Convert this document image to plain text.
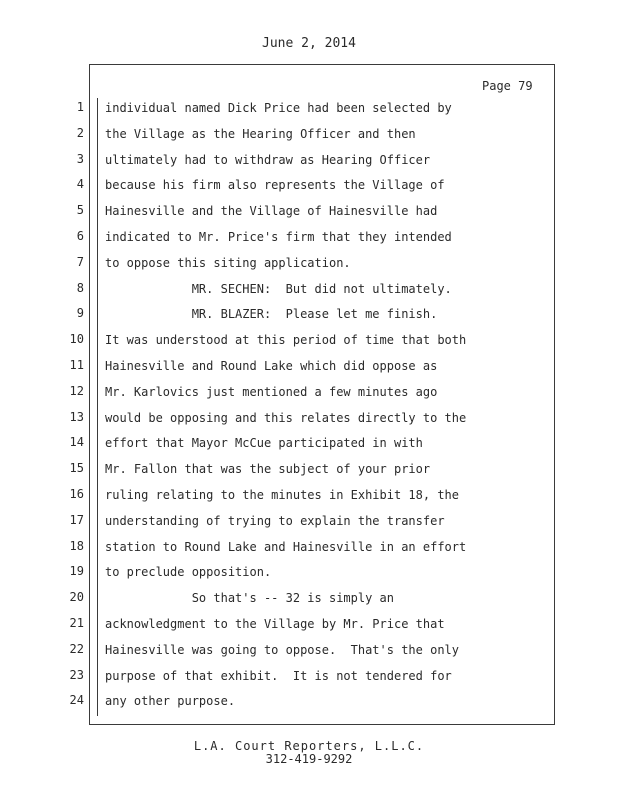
June 2, 2014
Page 79
1
2
3
4
5
6
7
8
9
10
11
12
13
14
15
16
17
18
19
20
21
22
23
24
individual named Dick Price had been selected by
the Village as the Hearing Officer and then
ultimately had to withdraw as Hearing Officer
because his firm also represents the Village of
Hainesville and the Village of Hainesville had
indicated to Mr. Price's firm that they intended
to oppose this siting application.
MR. SECHEN:  But did not ultimately.
MR. BLAZER:  Please let me finish.
It was understood at this period of time that both
Hainesville and Round Lake which did oppose as
Mr. Karlovics just mentioned a few minutes ago
would be opposing and this relates directly to the
effort that Mayor McCue participated in with
Mr. Fallon that was the subject of your prior
ruling relating to the minutes in Exhibit 18, the
understanding of trying to explain the transfer
station to Round Lake and Hainesville in an effort
to preclude opposition.
So that's -- 32 is simply an
acknowledgment to the Village by Mr. Price that
Hainesville was going to oppose.  That's the only
purpose of that exhibit.  It is not tendered for
any other purpose.
L.A. Court Reporters, L.L.C.
312-419-9292
